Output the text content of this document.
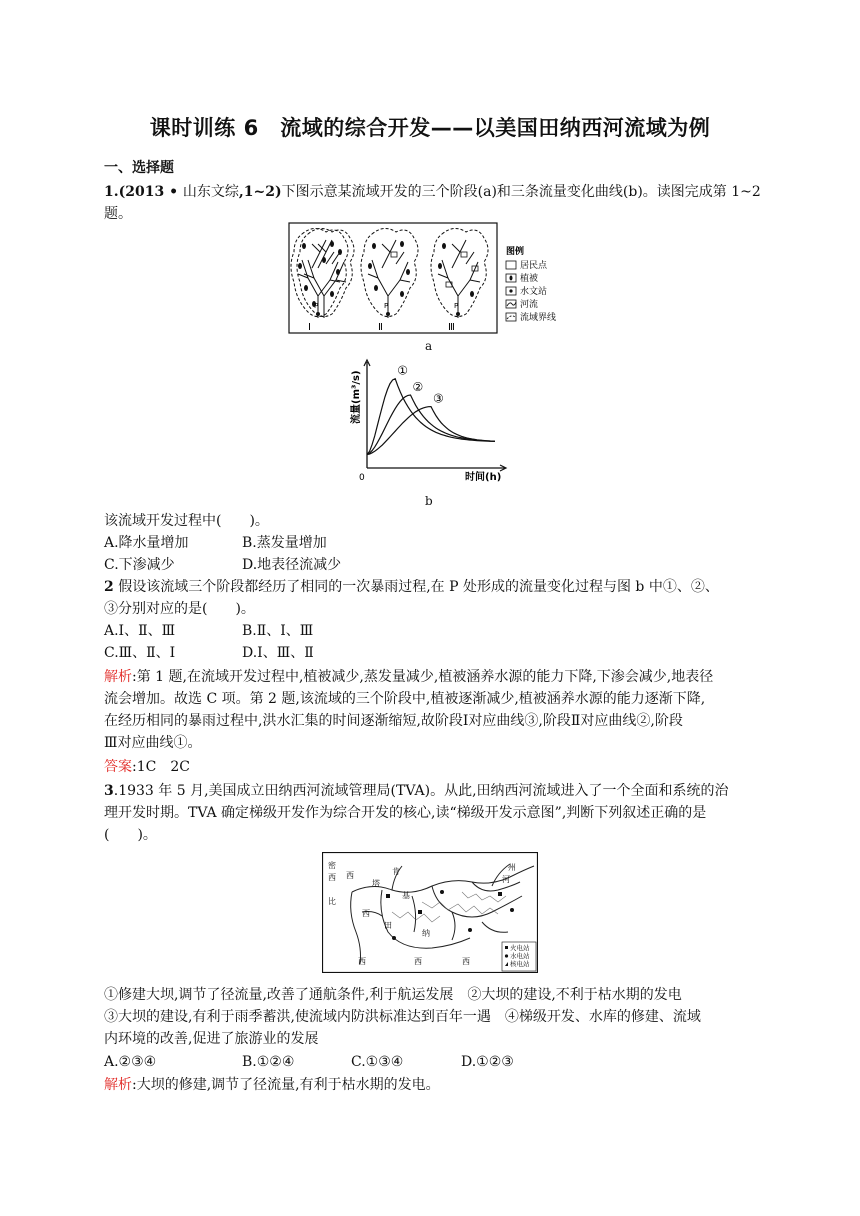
课时训练 6　流域的综合开发——以美国田纳西河流域为例
一、选择题
1.(2013 • 山东文综,1~2)下图示意某流域开发的三个阶段(a)和三条流量变化曲线(b)。读图完成第 1~2
题。
P
Ⅰ
P
Ⅱ
P
Ⅲ
图例
居民点
植被
水文站
河流
流域界线
a
0	时间(h)
流量(m³/s)	①
②
③
b
该流域开发过程中(　　)。
A.降水量增加	B.蒸发量增加
C.下渗减少	D.地表径流减少
2 假设该流域三个阶段都经历了相同的一次暴雨过程,在 P 处形成的流量变化过程与图 b 中①、②、
③分别对应的是(　　)。
A.Ⅰ、Ⅱ、Ⅲ	B.Ⅱ、Ⅰ、Ⅲ
C.Ⅲ、Ⅱ、Ⅰ	D.Ⅰ、Ⅲ、Ⅱ
解析:第 1 题,在流域开发过程中,植被减少,蒸发量减少,植被涵养水源的能力下降,下渗会减少,地表径
流会增加。故选 C 项。第 2 题,该流域的三个阶段中,植被逐渐减少,植被涵养水源的能力逐渐下降,
在经历相同的暴雨过程中,洪水汇集的时间逐渐缩短,故阶段Ⅰ对应曲线③,阶段Ⅱ对应曲线②,阶段
Ⅲ对应曲线①。
答案:1C　2C
3.1933 年 5 月,美国成立田纳西河流域管理局(TVA)。从此,田纳西河流域进入了一个全面和系统的治
理开发时期。TVA 确定梯级开发作为综合开发的核心,读“梯级开发示意图”,判断下列叙述正确的是
(　　)。
密
西 西
比
西
田
纳
河
州
肯
塔
基
西	西	西
火电站
水电站
核电站
①修建大坝,调节了径流量,改善了通航条件,利于航运发展　②大坝的建设,不利于枯水期的发电
③大坝的建设,有利于雨季蓄洪,使流域内防洪标准达到百年一遇　④梯级开发、水库的修建、流域
内环境的改善,促进了旅游业的发展
A.②③④	B.①②④	C.①③④	D.①②③
解析:大坝的修建,调节了径流量,有利于枯水期的发电。
